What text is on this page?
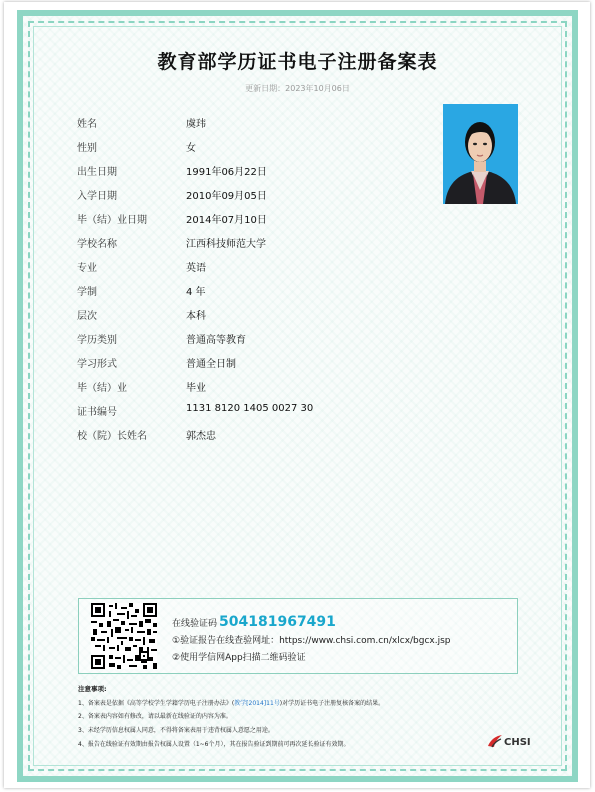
教育部学历证书电子注册备案表
更新日期：2023年10月06日
姓名	虞玮
性别	女
出生日期	1991年06月22日
入学日期	2010年09月05日
毕（结）业日期	2014年07月10日
学校名称	江西科技师范大学
专业	英语
学制	4 年
层次	本科
学历类别	普通高等教育
学习形式	普通全日制
毕（结）业	毕业
证书编号	1131 8120 1405 0027 30
校（院）长姓名	郭杰忠
在线验证码 504181967491
①验证报告在线查验网址：https://www.chsi.com.cn/xlcx/bgcx.jsp
②使用学信网App扫描二维码验证
注意事项:
1、备案表是依据《高等学校学生学籍学历电子注册办法》(教学[2014]11号)对学历证书电子注册复核备案的结果。
2、备案表内容如有修改，请以最新在线验证的内容为准。
3、未经学历信息权属人同意，不得将备案表用于违背权属人意愿之用途。
4、报告在线验证有效期由报告权属人设置（1~6个月），其在报告验证到期前可再次延长验证有效期。	CHSI
